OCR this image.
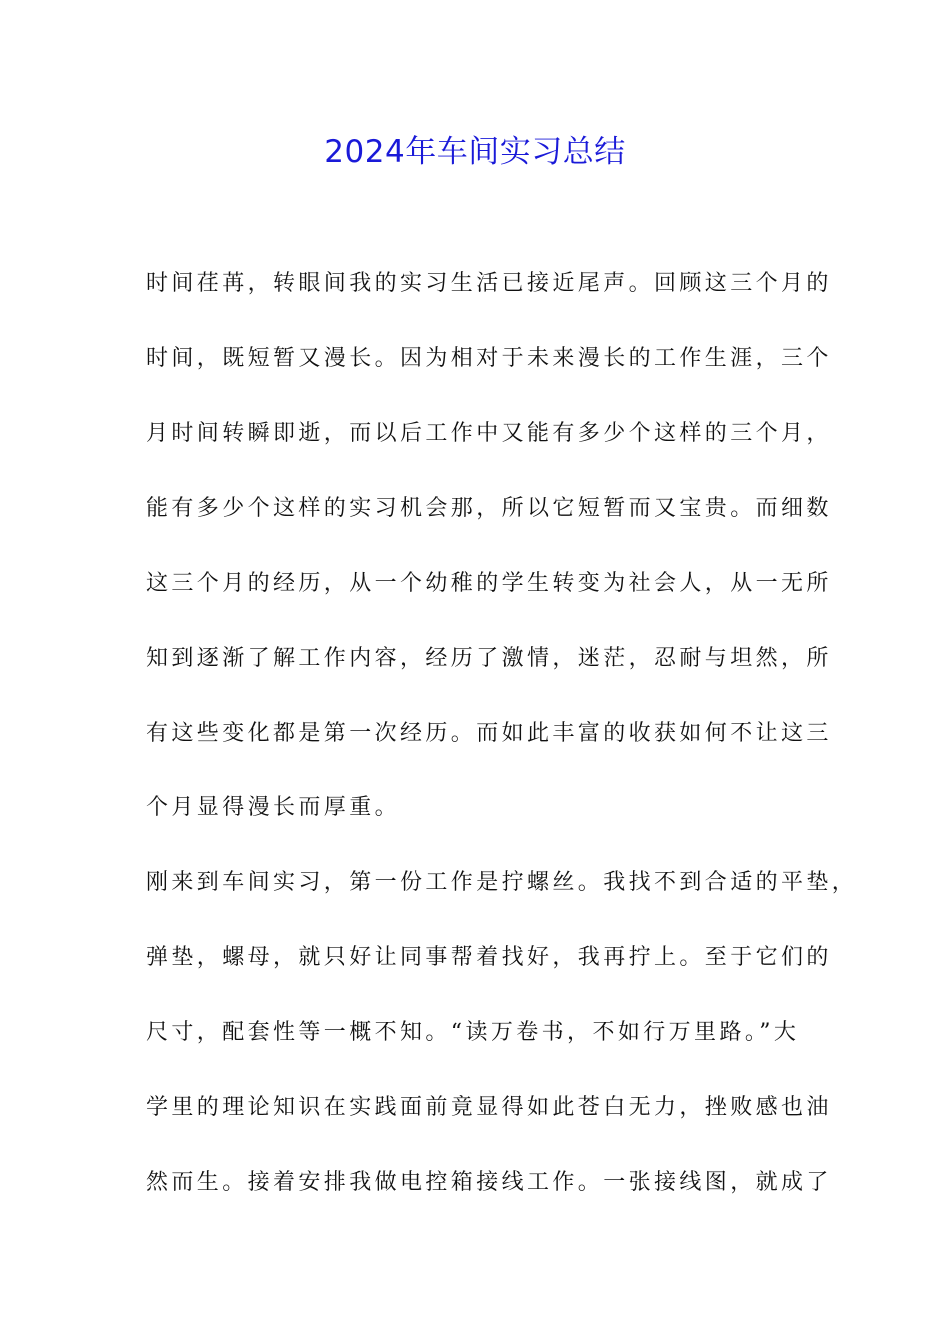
2024年车间实习总结
时间荏苒，转眼间我的实习生活已接近尾声。回顾这三个月的
时间，既短暂又漫长。因为相对于未来漫长的工作生涯，三个
月时间转瞬即逝，而以后工作中又能有多少个这样的三个月，
能有多少个这样的实习机会那，所以它短暂而又宝贵。而细数
这三个月的经历，从一个幼稚的学生转变为社会人，从一无所
知到逐渐了解工作内容，经历了激情，迷茫，忍耐与坦然，所
有这些变化都是第一次经历。而如此丰富的收获如何不让这三
个月显得漫长而厚重。
刚来到车间实习，第一份工作是拧螺丝。我找不到合适的平垫，
弹垫，螺母，就只好让同事帮着找好，我再拧上。至于它们的
尺寸，配套性等一概不知。“读万卷书，不如行万里路。”大
学里的理论知识在实践面前竟显得如此苍白无力，挫败感也油
然而生。接着安排我做电控箱接线工作。一张接线图，就成了
